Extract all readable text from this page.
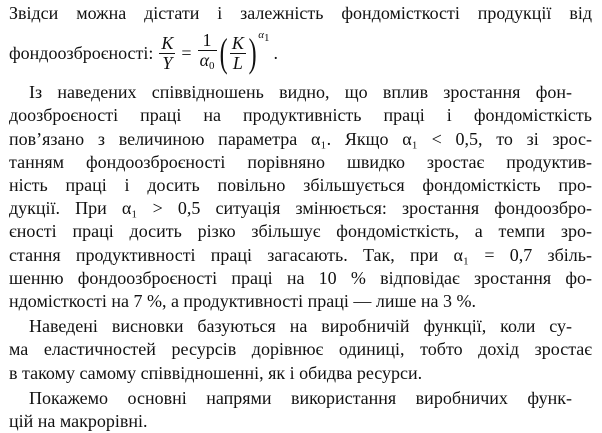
Звідси можна дістати і залежність фондомісткості продукції від

фондоозброєності: $\frac{K}{Y} = \frac{1}{\alpha_0}$ ( $\frac{K}{L}$ ) α1
.
Із наведених співвідношень видно, що вплив зростання фон-
доозброєності праці на продуктивність праці і фондомісткість
пов’язано з величиною параметра α₁. Якщо α₁ < 0,5, то зі зрос-
танням фондоозброєності порівняно швидко зростає продуктив-
ність праці і досить повільно збільшується фондомісткість про-
дукції. При α₁ > 0,5 ситуація змінюється: зростання фондоозбро-
єності праці досить різко збільшує фондомісткість, а темпи зро-
стання продуктивності праці загасають. Так, при α₁ = 0,7 збіль-
шенню фондоозброєності праці на 10 % відповідає зростання фо-
ндомісткості на 7 %, а продуктивності праці — лише на 3 %.
Наведені висновки базуються на виробничій функції, коли су-
ма еластичностей ресурсів дорівнює одиниці, тобто дохід зростає
в такому самому співвідношенні, як і обидва ресурси.
Покажемо основні напрями використання виробничих функ-
цій на макрорівні.
